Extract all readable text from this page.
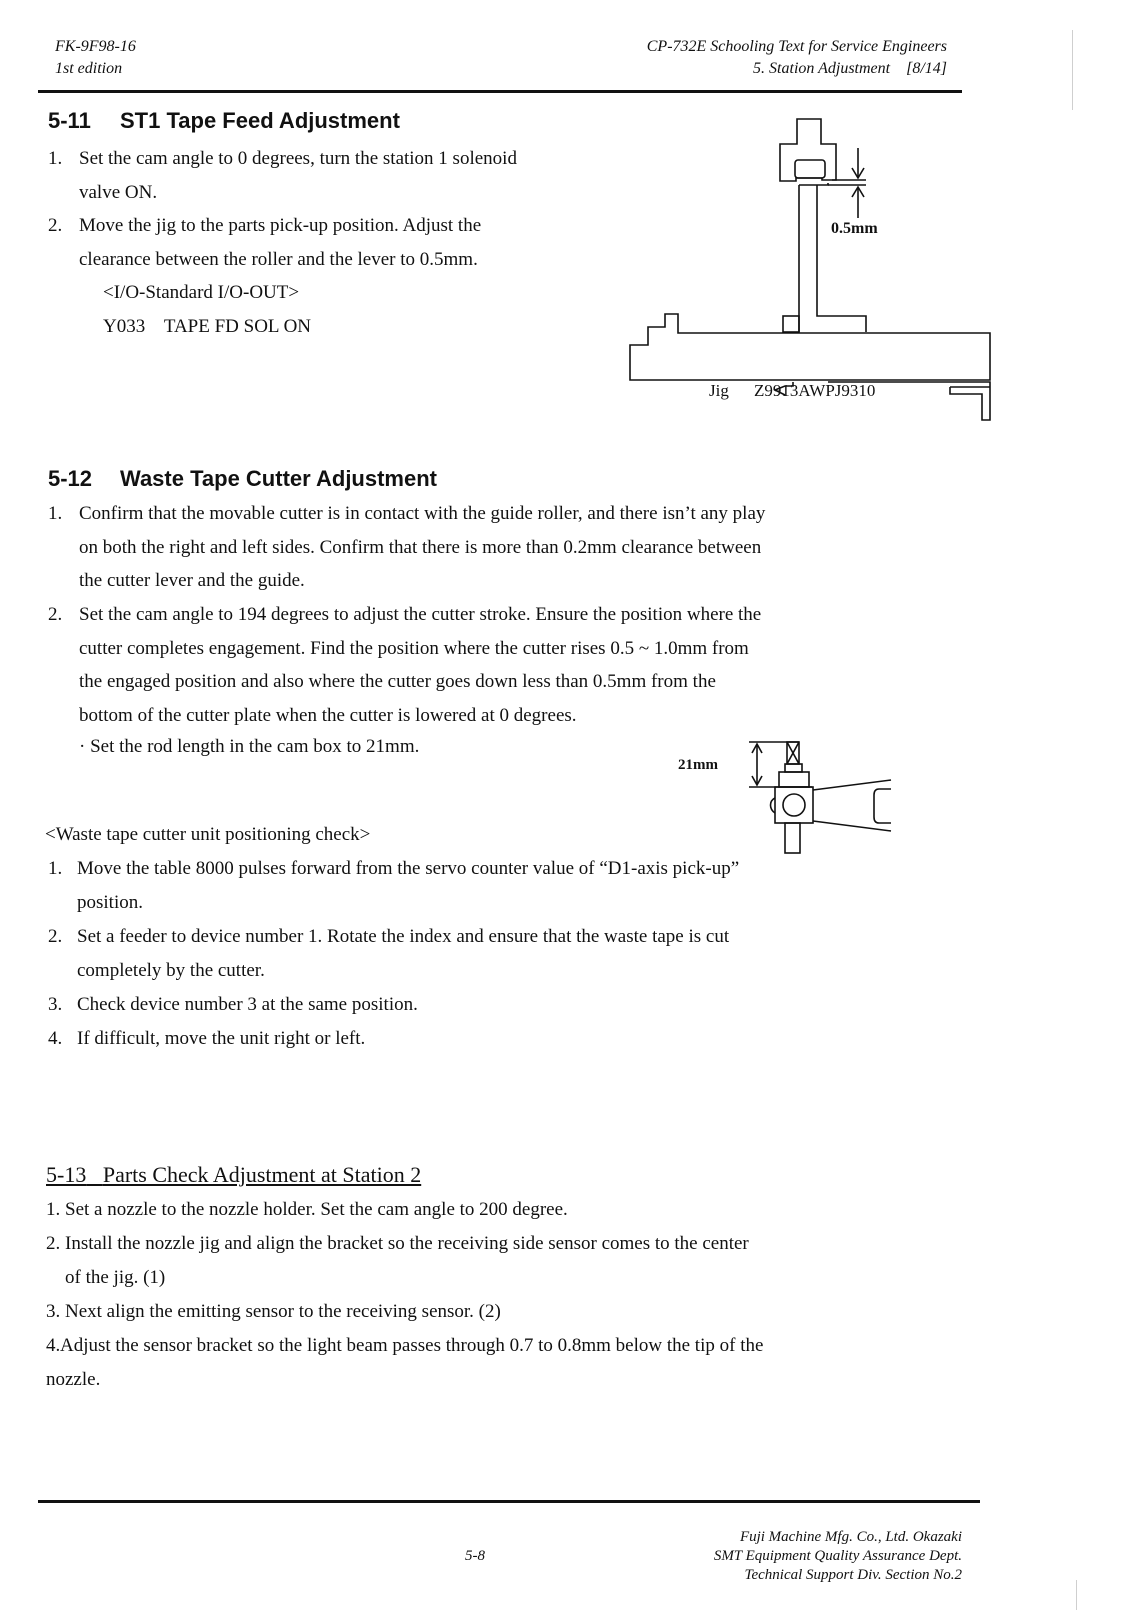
FK-9F98-16
1st edition
CP-732E Schooling Text for Service Engineers
5. Station Adjustment [8/14]
5-11 ST1 Tape Feed Adjustment
1. Set the cam angle to 0 degrees, turn the station 1 solenoid
valve ON.
2. Move the jig to the parts pick-up position. Adjust the
clearance between the roller and the lever to 0.5mm.
<I/O-Standard I/O-OUT>
Y033    TAPE FD SOL ON
0.5mm
Jig Z9913AWPJ9310
5-12 Waste Tape Cutter Adjustment
1. Confirm that the movable cutter is in contact with the guide roller, and there isn’t any play
on both the right and left sides. Confirm that there is more than 0.2mm clearance between
the cutter lever and the guide.
2. Set the cam angle to 194 degrees to adjust the cutter stroke. Ensure the position where the
cutter completes engagement. Find the position where the cutter rises 0.5 ~ 1.0mm from
the engaged position and also where the cutter goes down less than 0.5mm from the
bottom of the cutter plate when the cutter is lowered at 0 degrees.
· Set the rod length in the cam box to 21mm.
21mm
<Waste tape cutter unit positioning check>
1. Move the table 8000 pulses forward from the servo counter value of “D1-axis pick-up”
position.
2. Set a feeder to device number 1. Rotate the index and ensure that the waste tape is cut
completely by the cutter.
3. Check device number 3 at the same position.
4. If difficult, move the unit right or left.
5-13 Parts Check Adjustment at Station 2
1. Set a nozzle to the nozzle holder. Set the cam angle to 200 degree.
2. Install the nozzle jig and align the bracket so the receiving side sensor comes to the center
of the jig. (1)
3. Next align the emitting sensor to the receiving sensor. (2)
4. Adjust the sensor bracket so the light beam passes through 0.7 to 0.8mm below the tip of the
nozzle.
5-8
Fuji Machine Mfg. Co., Ltd. Okazaki
SMT Equipment Quality Assurance Dept.
Technical Support Div. Section No.2
